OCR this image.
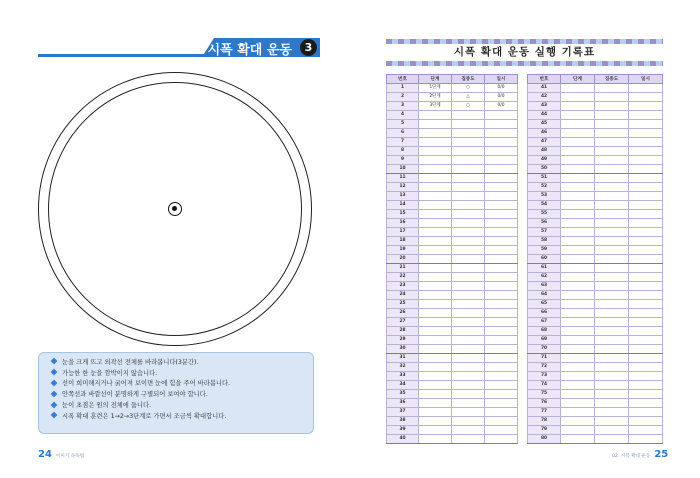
시폭 확대 운동	3
눈을 크게 뜨고 외곽선 전체를 바라봅니다(3분간).
가능한 한 눈을 깜박이지 않습니다.
선이 희미해지거나 굵어져 보이면 눈에 힘을 주어 바라봅니다.
안쪽선과 바깥선이 분명하게 구별되어 보여야 합니다.
눈이 초점은 원의 전체에 둡니다.
시폭 확대 훈련은 1→2→3단계로 가면서 조금씩 확대합니다.
24 이미지 속독법
시폭 확대 운동 실행 기록표
번호	단계	집중도	일시
1	1단계	○	0/0
2	2단계	△	0/0
3	3단계	○	0/0
4			
5			
6			
7			
8			
9			
10			
11			
12			
13			
14			
15			
16			
17			
18			
19			
20			
21			
22			
23			
24			
25			
26			
27			
28			
29			
30			
31			
32			
33			
34			
35			
36			
37			
38			
39			
40			
번호	단계	집중도	일시
41			
42			
43			
44			
45			
46			
47			
48			
49			
50			
51			
52			
53			
54			
55			
56			
57			
58			
59			
60			
61			
62			
63			
64			
65			
66			
67			
68			
69			
70			
71			
72			
73			
74			
75			
76			
77			
78			
79			
80			
02. 시폭 확대 운동 25
